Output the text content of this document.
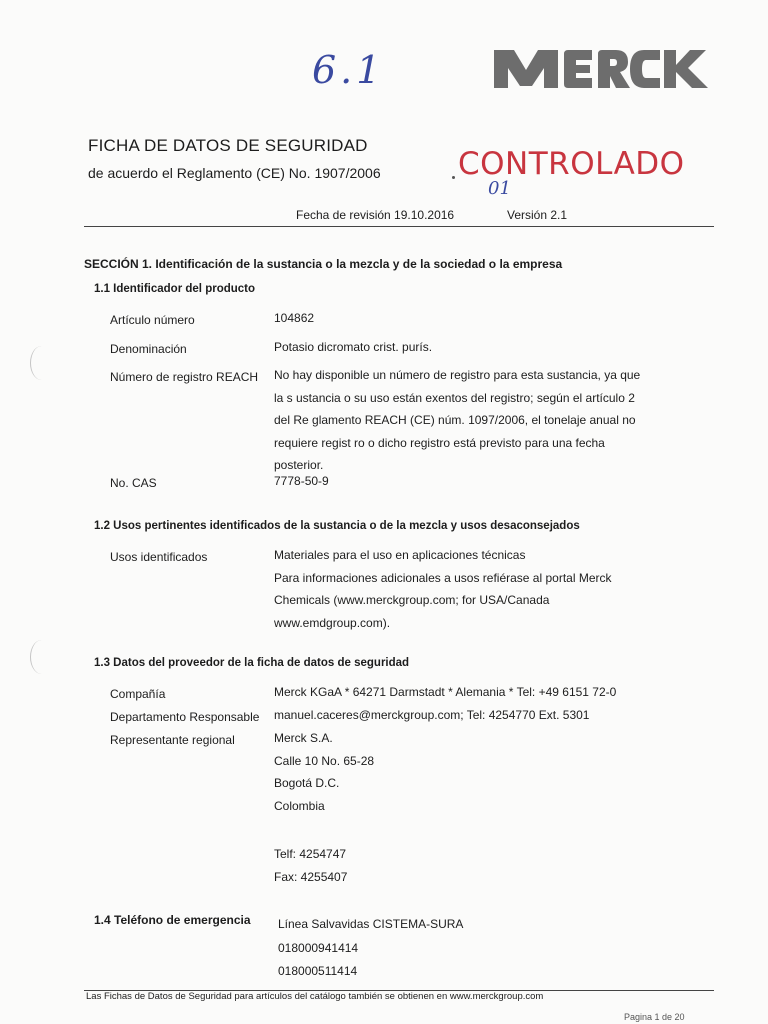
6.1
FICHA DE DATOS DE SEGURIDAD
de acuerdo el Reglamento (CE) No. 1907/2006 CONTROLADO
01
Fecha de revisión 19.10.2016	Versión 2.1
SECCIÓN 1. Identificación de la sustancia o la mezcla y de la sociedad o la empresa
1.1 Identificador del producto
Artículo número	104862
Denominación	Potasio dicromato crist. purís.
Número de registro REACH No hay disponible un número de registro para esta sustancia, ya que
la s ustancia o su uso están exentos del registro; según el artículo 2
del Re glamento REACH (CE) núm. 1097/2006, el tonelaje anual no
requiere regist ro o dicho registro está previsto para una fecha
posterior.
No. CAS	7778-50-9
1.2 Usos pertinentes identificados de la sustancia o de la mezcla y usos desaconsejados
Usos identificados	Materiales para el uso en aplicaciones técnicas
Para informaciones adicionales a usos refiérase al portal Merck
Chemicals (www.merckgroup.com; for USA/Canada
www.emdgroup.com).
1.3 Datos del proveedor de la ficha de datos de seguridad
Compañía	Merck KGaA * 64271 Darmstadt * Alemania * Tel: +49 6151 72-0
Departamento Responsable manuel.caceres@merckgroup.com; Tel: 4254770 Ext. 5301
Representante regional	Merck S.A.
Calle 10 No. 65-28
Bogotá D.C.
Colombia
Telf: 4254747
Fax: 4255407
1.4 Teléfono de emergencia Línea Salvavidas CISTEMA-SURA
018000941414
018000511414
Las Fichas de Datos de Seguridad para artículos del catálogo también se obtienen en www.merckgroup.com
Pagina 1 de 20
